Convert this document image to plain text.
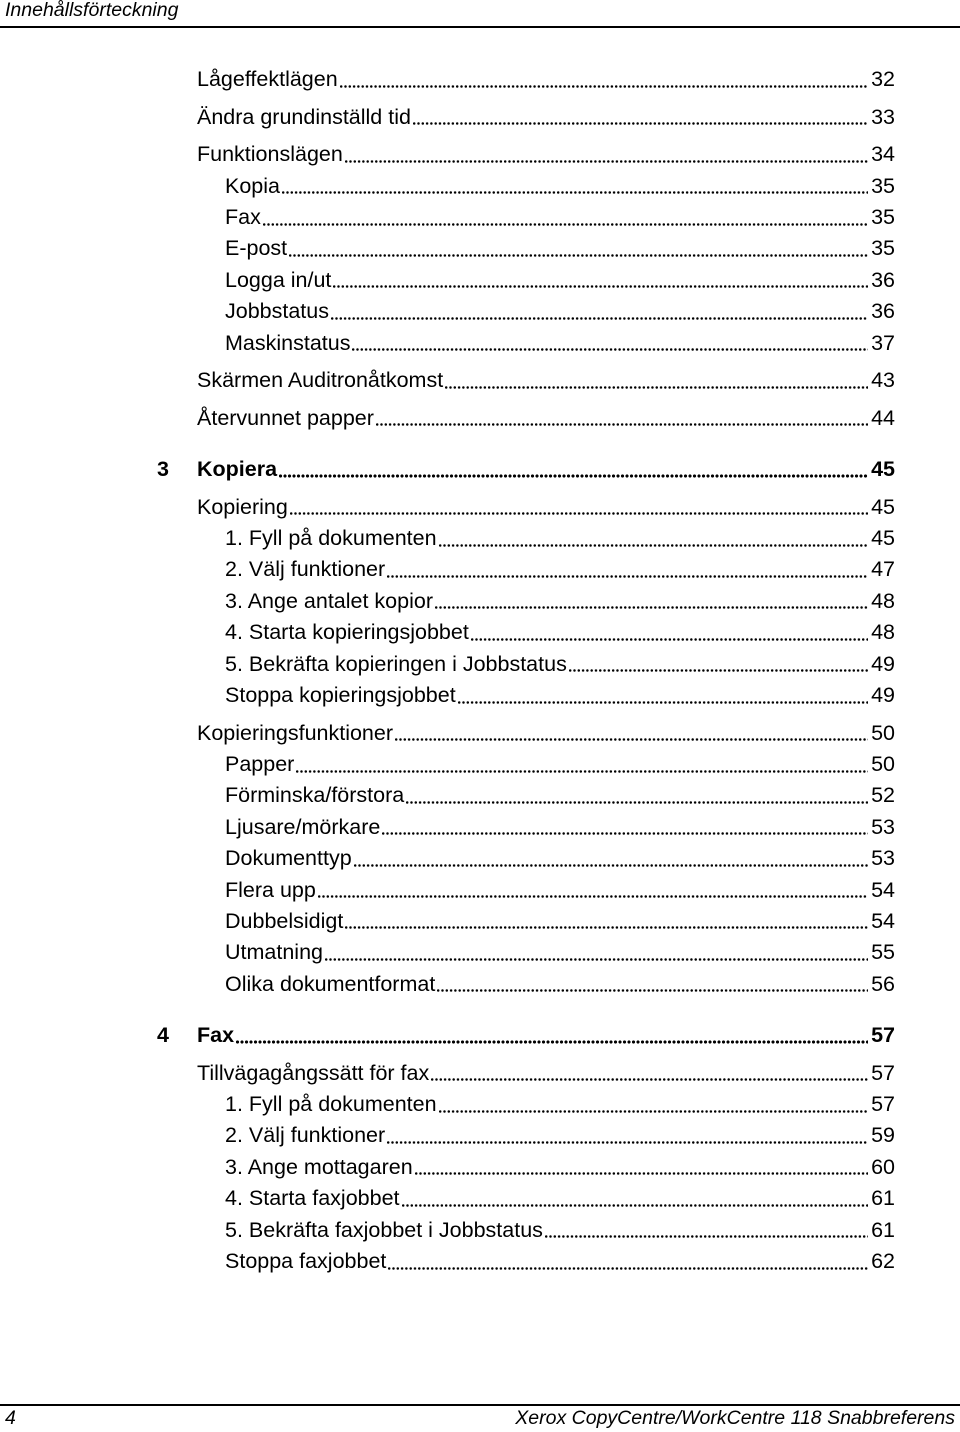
Innehållsförteckning
Lågeffektlägen	32
Ändra grundinställd tid	33
Funktionslägen	34
Kopia	35
Fax	35
E-post	35
Logga in/ut	36
Jobbstatus	36
Maskinstatus	37
Skärmen Auditronåtkomst	43
Återvunnet papper	44
3	Kopiera	45
Kopiering	45
1. Fyll på dokumenten	45
2. Välj funktioner	47
3. Ange antalet kopior	48
4. Starta kopieringsjobbet	48
5. Bekräfta kopieringen i Jobbstatus	49
Stoppa kopieringsjobbet	49
Kopieringsfunktioner	50
Papper	50
Förminska/förstora	52
Ljusare/mörkare	53
Dokumenttyp	53
Flera upp	54
Dubbelsidigt	54
Utmatning	55
Olika dokumentformat	56
4	Fax	57
Tillvägagångssätt för fax	57
1. Fyll på dokumenten	57
2. Välj funktioner	59
3. Ange mottagaren	60
4. Starta faxjobbet	61
5. Bekräfta faxjobbet i Jobbstatus	61
Stoppa faxjobbet	62
4	Xerox CopyCentre/WorkCentre 118 Snabbreferens
